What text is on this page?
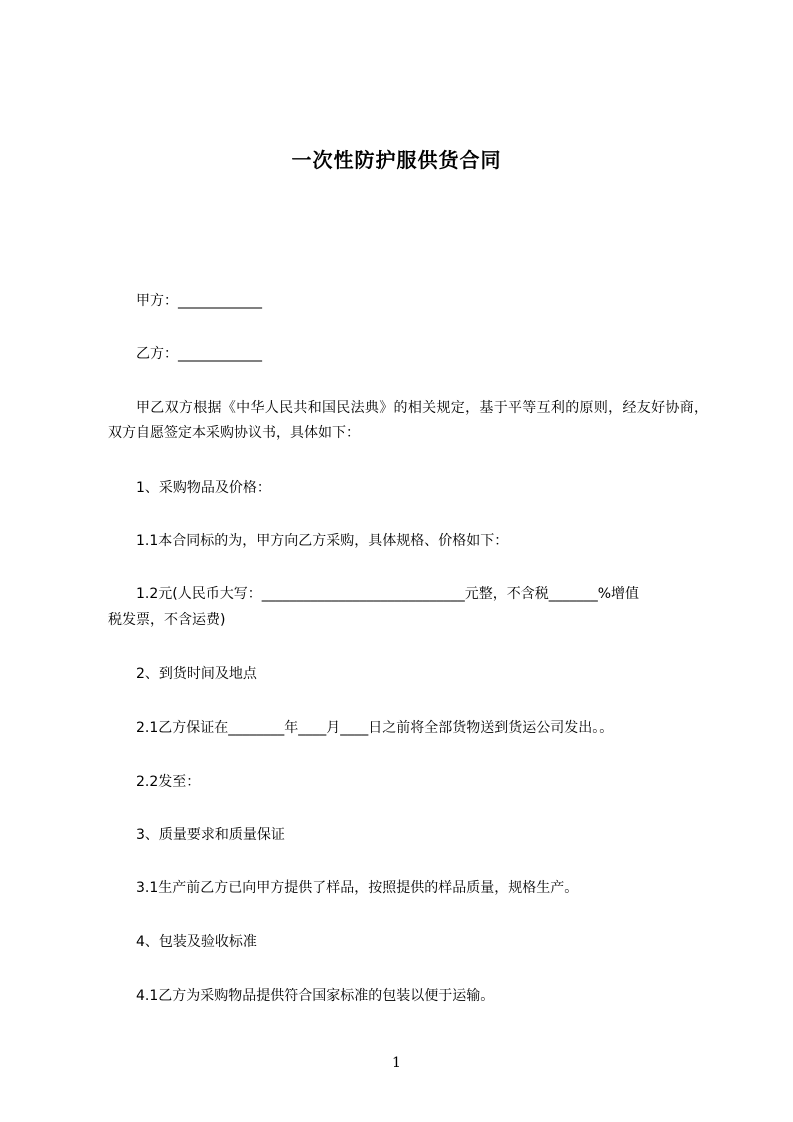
一次性防护服供货合同
甲方：____________
乙方：____________
甲乙双方根据《中华人民共和国民法典》的相关规定，基于平等互利的原则，经友好协商，双方自愿签定本采购协议书，具体如下：
1、采购物品及价格：
1.1本合同标的为，甲方向乙方采购，具体规格、价格如下：
1.2元(人民币大写：_____________________________元整，不含税_______%增值
税发票，不含运费)
2、到货时间及地点
2.1乙方保证在________年____月____日之前将全部货物送到货运公司发出。。
2.2发至：
3、质量要求和质量保证
3.1生产前乙方已向甲方提供了样品，按照提供的样品质量，规格生产。
4、包装及验收标准
4.1乙方为采购物品提供符合国家标准的包装以便于运输。
1
